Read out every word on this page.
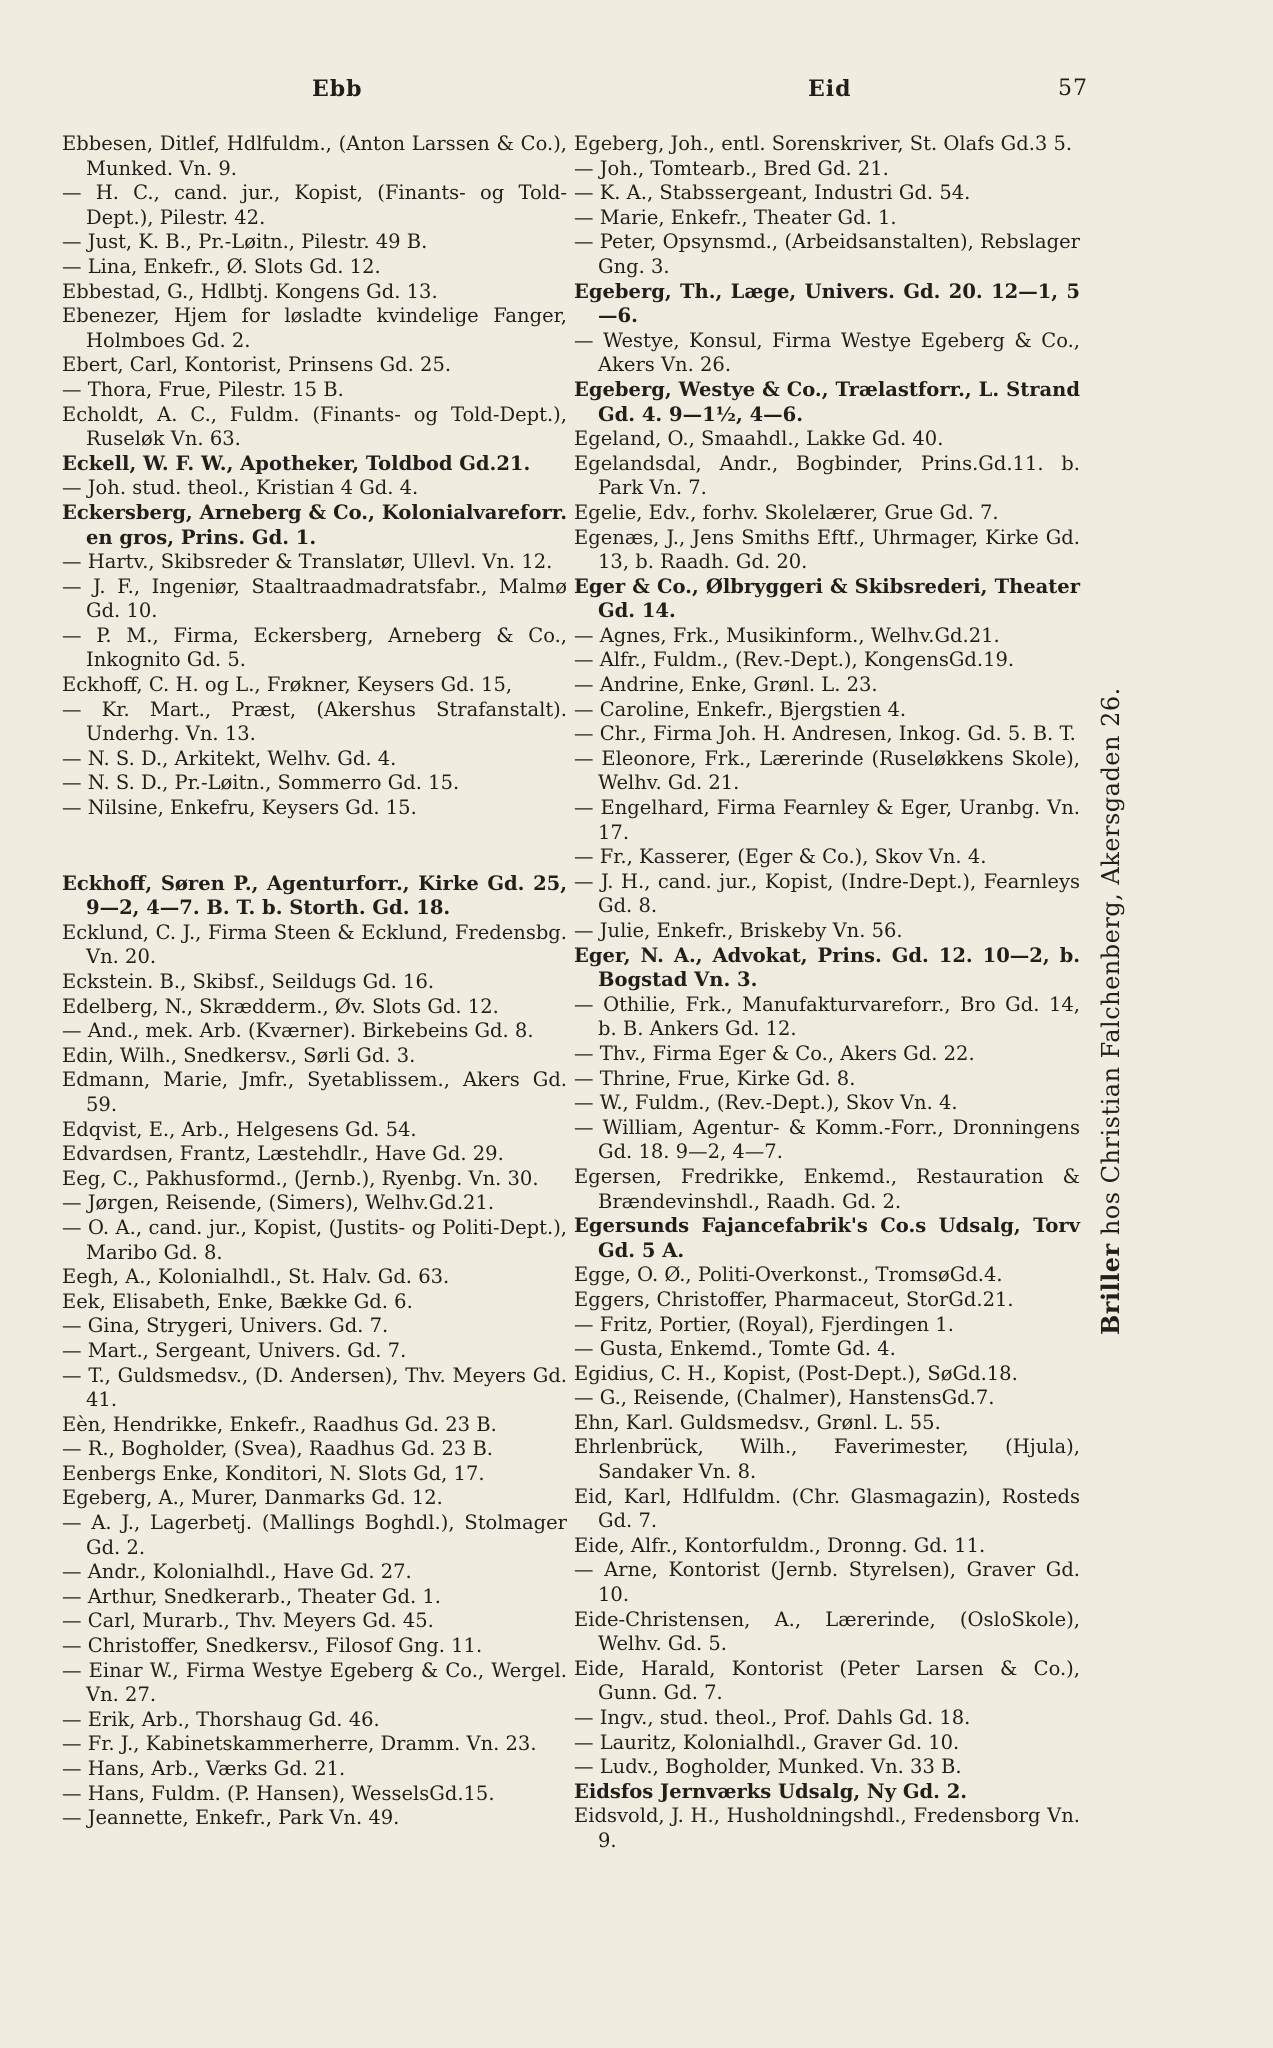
Ebb	Eid	57

Ebbesen, Ditlef, Hdlfuldm., (Anton Larssen & Co.), Munked. Vn. 9.

— H. C., cand. jur., Kopist, (Finants- og Told-Dept.), Pilestr. 42.

— Just, K. B., Pr.-Løitn., Pilestr. 49 B.

— Lina, Enkefr., Ø. Slots Gd. 12.

Ebbestad, G., Hdlbtj. Kongens Gd. 13.

Ebenezer, Hjem for løsladte kvindelige Fanger, Holmboes Gd. 2.

Ebert, Carl, Kontorist, Prinsens Gd. 25.

— Thora, Frue, Pilestr. 15 B.

Echoldt, A. C., Fuldm. (Finants- og Told-Dept.), Ruseløk Vn. 63.

Eckell, W. F. W., Apotheker, Toldbod Gd.21.

— Joh. stud. theol., Kristian 4 Gd. 4.

Eckersberg, Arneberg & Co., Kolonialvareforr. en gros, Prins. Gd. 1.

— Hartv., Skibsreder & Translatør, Ullevl. Vn. 12.

— J. F., Ingeniør, Staaltraadmadratsfabr., Malmø Gd. 10.

— P. M., Firma, Eckersberg, Arneberg & Co., Inkognito Gd. 5.

Eckhoff, C. H. og L., Frøkner, Keysers Gd. 15,

— Kr. Mart., Præst, (Akershus Strafanstalt). Underhg. Vn. 13.

— N. S. D., Arkitekt, Welhv. Gd. 4.

— N. S. D., Pr.-Løitn., Sommerro Gd. 15.

— Nilsine, Enkefru, Keysers Gd. 15.

Eckhoff, Søren P., Agenturforr., Kirke Gd. 25, 9—2, 4—7. B. T. b. Storth. Gd. 18.

Ecklund, C. J., Firma Steen & Ecklund, Fredensbg. Vn. 20.

Eckstein. B., Skibsf., Seildugs Gd. 16.

Edelberg, N., Skrædderm., Øv. Slots Gd. 12.

— And., mek. Arb. (Kværner). Birkebeins Gd. 8.

Edin, Wilh., Snedkersv., Sørli Gd. 3.

Edmann, Marie, Jmfr., Syetablissem., Akers Gd. 59.

Edqvist, E., Arb., Helgesens Gd. 54.

Edvardsen, Frantz, Læstehdlr., Have Gd. 29.

Eeg, C., Pakhusformd., (Jernb.), Ryenbg. Vn. 30.

— Jørgen, Reisende, (Simers), Welhv.Gd.21.

— O. A., cand. jur., Kopist, (Justits- og Politi-Dept.), Maribo Gd. 8.

Eegh, A., Kolonialhdl., St. Halv. Gd. 63.

Eek, Elisabeth, Enke, Bække Gd. 6.

— Gina, Strygeri, Univers. Gd. 7.

— Mart., Sergeant, Univers. Gd. 7.

— T., Guldsmedsv., (D. Andersen), Thv. Meyers Gd. 41.

Eèn, Hendrikke, Enkefr., Raadhus Gd. 23 B.

— R., Bogholder, (Svea), Raadhus Gd. 23 B.

Eenbergs Enke, Konditori, N. Slots Gd, 17.

Egeberg, A., Murer, Danmarks Gd. 12.

— A. J., Lagerbetj. (Mallings Boghdl.), Stolmager Gd. 2.

— Andr., Kolonialhdl., Have Gd. 27.

— Arthur, Snedkerarb., Theater Gd. 1.

— Carl, Murarb., Thv. Meyers Gd. 45.

— Christoffer, Snedkersv., Filosof Gng. 11.

— Einar W., Firma Westye Egeberg & Co., Wergel. Vn. 27.

— Erik, Arb., Thorshaug Gd. 46.

— Fr. J., Kabinetskammerherre, Dramm. Vn. 23.

— Hans, Arb., Værks Gd. 21.

— Hans, Fuldm. (P. Hansen), WesselsGd.15.

— Jeannette, Enkefr., Park Vn. 49.

Egeberg, Joh., entl. Sorenskriver, St. Olafs Gd.3 5.

— Joh., Tomtearb., Bred Gd. 21.

— K. A., Stabssergeant, Industri Gd. 54.

— Marie, Enkefr., Theater Gd. 1.

— Peter, Opsynsmd., (Arbeidsanstalten), Rebslager Gng. 3.

Egeberg, Th., Læge, Univers. Gd. 20. 12—1, 5—6.

— Westye, Konsul, Firma Westye Egeberg & Co., Akers Vn. 26.

Egeberg, Westye & Co., Trælastforr., L. Strand Gd. 4. 9—1½, 4—6.

Egeland, O., Smaahdl., Lakke Gd. 40.

Egelandsdal, Andr., Bogbinder, Prins.Gd.11. b. Park Vn. 7.

Egelie, Edv., forhv. Skolelærer, Grue Gd. 7.

Egenæs, J., Jens Smiths Eftf., Uhrmager, Kirke Gd. 13, b. Raadh. Gd. 20.

Eger & Co., Ølbryggeri & Skibsrederi, Theater Gd. 14.

— Agnes, Frk., Musikinform., Welhv.Gd.21.

— Alfr., Fuldm., (Rev.-Dept.), KongensGd.19.

— Andrine, Enke, Grønl. L. 23.

— Caroline, Enkefr., Bjergstien 4.

— Chr., Firma Joh. H. Andresen, Inkog. Gd. 5. B. T.

— Eleonore, Frk., Lærerinde (Ruseløkkens Skole), Welhv. Gd. 21.

— Engelhard, Firma Fearnley & Eger, Uranbg. Vn. 17.

— Fr., Kasserer, (Eger & Co.), Skov Vn. 4.

— J. H., cand. jur., Kopist, (Indre-Dept.), Fearnleys Gd. 8.

— Julie, Enkefr., Briskeby Vn. 56.

Eger, N. A., Advokat, Prins. Gd. 12. 10—2, b. Bogstad Vn. 3.

— Othilie, Frk., Manufakturvareforr., Bro Gd. 14, b. B. Ankers Gd. 12.

— Thv., Firma Eger & Co., Akers Gd. 22.

— Thrine, Frue, Kirke Gd. 8.

— W., Fuldm., (Rev.-Dept.), Skov Vn. 4.

— William, Agentur- & Komm.-Forr., Dronningens Gd. 18. 9—2, 4—7.

Egersen, Fredrikke, Enkemd., Restauration & Brændevinshdl., Raadh. Gd. 2.

Egersunds Fajancefabrik's Co.s Udsalg, Torv Gd. 5 A.

Egge, O. Ø., Politi-Overkonst., TromsøGd.4.

Eggers, Christoffer, Pharmaceut, StorGd.21.

— Fritz, Portier, (Royal), Fjerdingen 1.

— Gusta, Enkemd., Tomte Gd. 4.

Egidius, C. H., Kopist, (Post-Dept.), SøGd.18.

— G., Reisende, (Chalmer), HanstensGd.7.

Ehn, Karl. Guldsmedsv., Grønl. L. 55.

Ehrlenbrück, Wilh., Faverimester, (Hjula), Sandaker Vn. 8.

Eid, Karl, Hdlfuldm. (Chr. Glasmagazin), Rosteds Gd. 7.

Eide, Alfr., Kontorfuldm., Dronng. Gd. 11.

— Arne, Kontorist (Jernb. Styrelsen), Graver Gd. 10.

Eide-Christensen, A., Lærerinde, (OsloSkole), Welhv. Gd. 5.

Eide, Harald, Kontorist (Peter Larsen & Co.), Gunn. Gd. 7.

— Ingv., stud. theol., Prof. Dahls Gd. 18.

— Lauritz, Kolonialhdl., Graver Gd. 10.

— Ludv., Bogholder, Munked. Vn. 33 B.

Eidsfos Jernværks Udsalg, Ny Gd. 2.

Eidsvold, J. H., Husholdningshdl., Fredensborg Vn. 9.

Briller hos Christian Falchenberg, Akersgaden 26.
